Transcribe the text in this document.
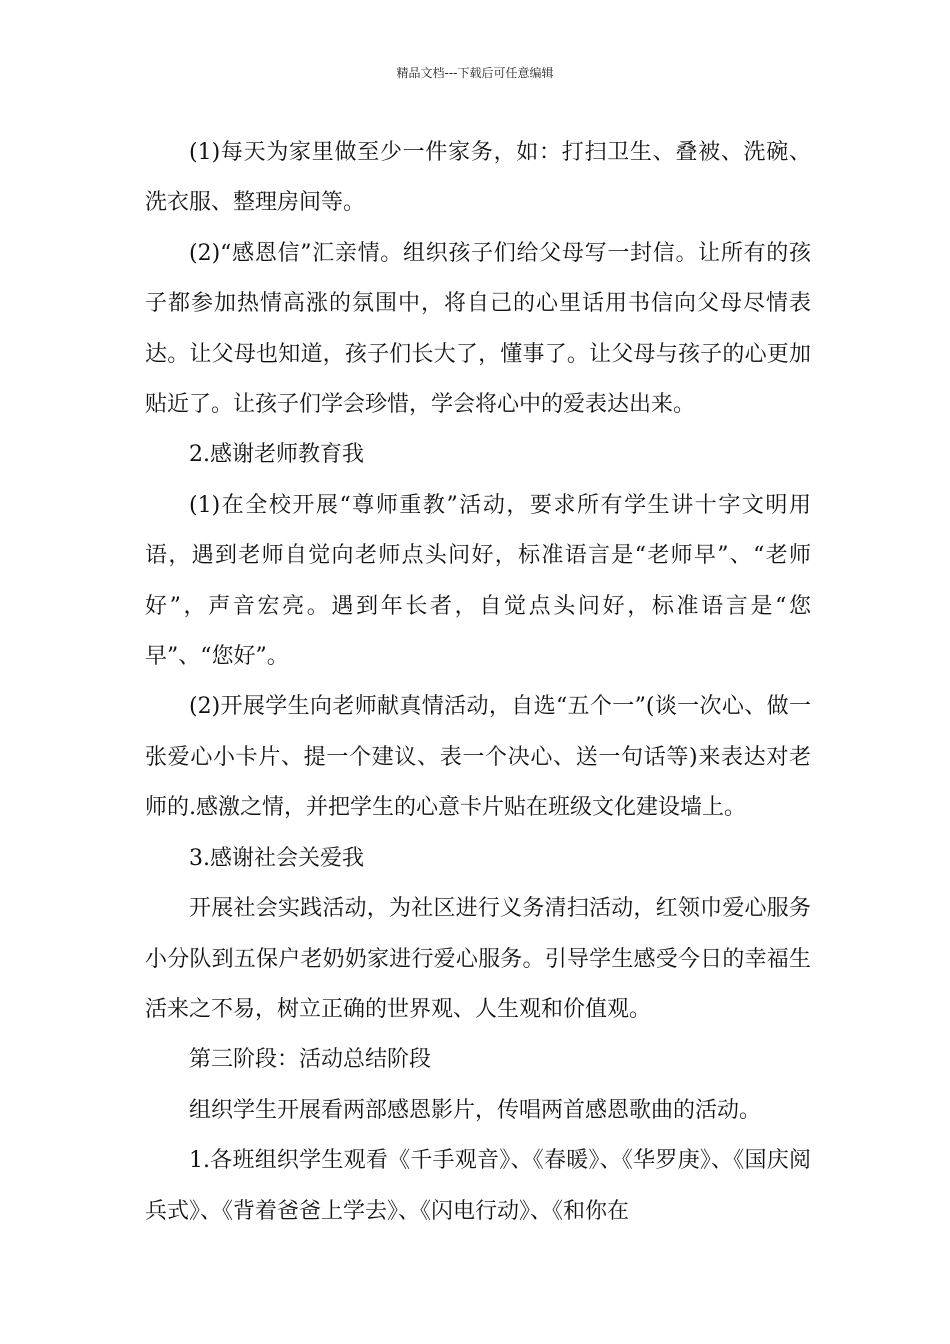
精品文档---下载后可任意编辑

(1)每天为家里做至少一件家务，如：打扫卫生、叠被、洗碗、洗衣服、整理房间等。

(2)“感恩信”汇亲情。组织孩子们给父母写一封信。让所有的孩子都参加热情高涨的氛围中，将自己的心里话用书信向父母尽情表达。让父母也知道，孩子们长大了，懂事了。让父母与孩子的心更加贴近了。让孩子们学会珍惜，学会将心中的爱表达出来。

2.感谢老师教育我

(1)在全校开展“尊师重教”活动，要求所有学生讲十字文明用语，遇到老师自觉向老师点头问好，标准语言是“老师早”、“老师好”，声音宏亮。遇到年长者，自觉点头问好，标准语言是“您早”、“您好”。

(2)开展学生向老师献真情活动，自选“五个一”(谈一次心、做一张爱心小卡片、提一个建议、表一个决心、送一句话等)来表达对老师的.感激之情，并把学生的心意卡片贴在班级文化建设墙上。

3.感谢社会关爱我

开展社会实践活动，为社区进行义务清扫活动，红领巾爱心服务小分队到五保户老奶奶家进行爱心服务。引导学生感受今日的幸福生活来之不易，树立正确的世界观、人生观和价值观。

第三阶段：活动总结阶段

组织学生开展看两部感恩影片，传唱两首感恩歌曲的活动。

1.各班组织学生观看《千手观音》、《春暖》、《华罗庚》、《国庆阅兵式》、《背着爸爸上学去》、《闪电行动》、《和你在
